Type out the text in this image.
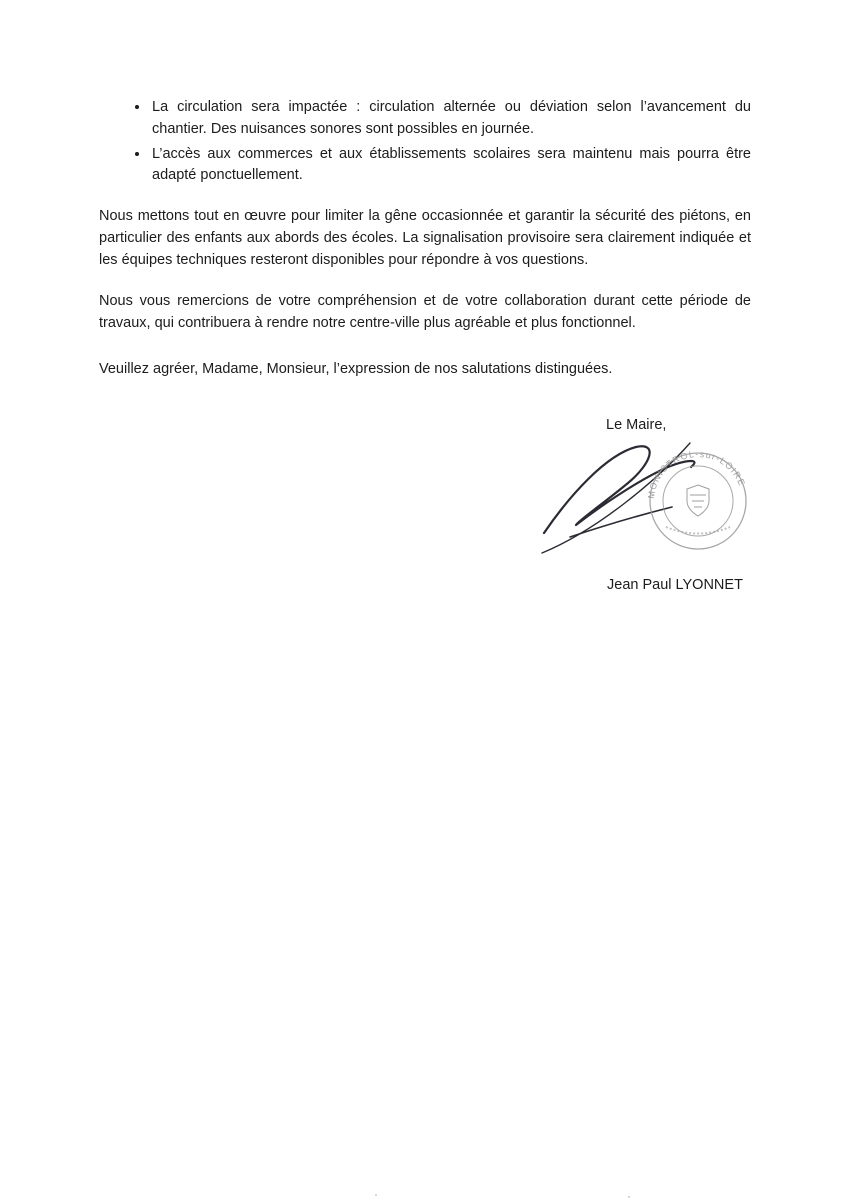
• La circulation sera impactée : circulation alternée ou déviation selon l’avancement du chantier. Des nuisances sonores sont possibles en journée.
• L’accès aux commerces et aux établissements scolaires sera maintenu mais pourra être adapté ponctuellement.

Nous mettons tout en œuvre pour limiter la gêne occasionnée et garantir la sécurité des piétons, en particulier des enfants aux abords des écoles. La signalisation provisoire sera clairement indiquée et les équipes techniques resteront disponibles pour répondre à vos questions.

Nous vous remercions de votre compréhension et de votre collaboration durant cette période de travaux, qui contribuera à rendre notre centre-ville plus agréable et plus fonctionnel.

Veuillez agréer, Madame, Monsieur, l’expression de nos salutations distinguées.

Le Maire,
MONISTROL-sur-LOIRE
Jean Paul LYONNET
